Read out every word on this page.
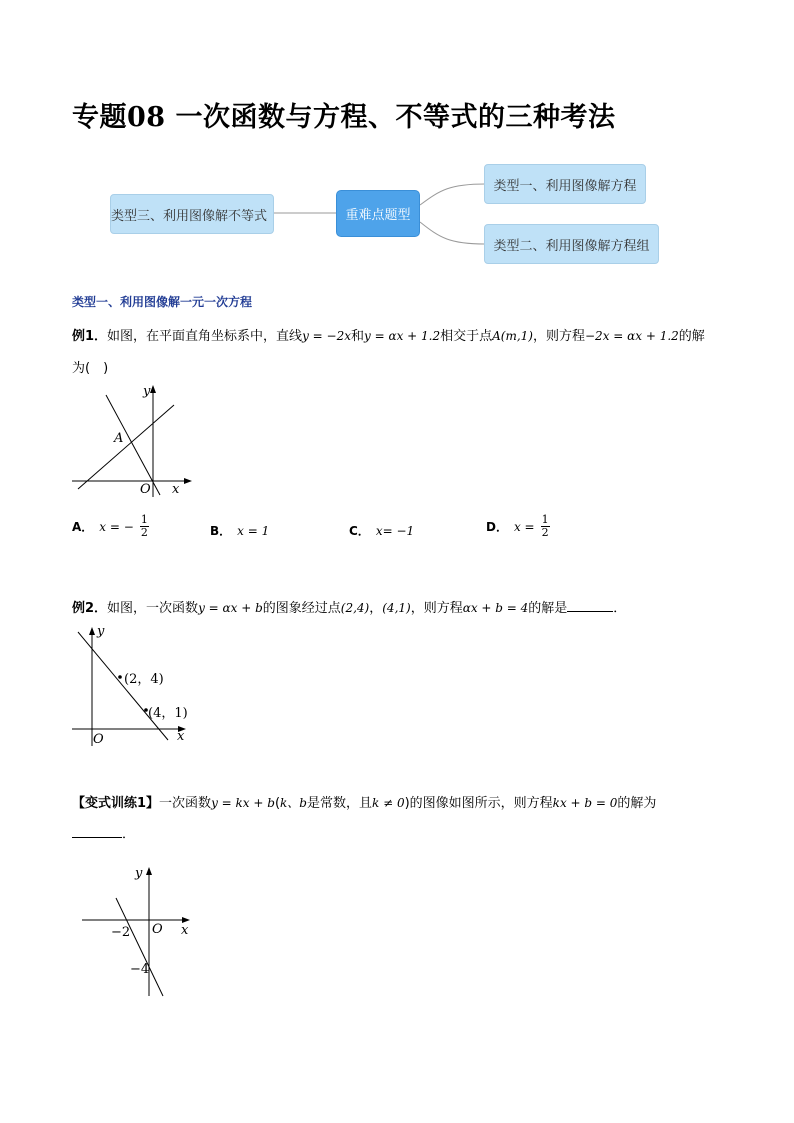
专题08 一次函数与方程、不等式的三种考法
类型三、利用图像解不等式	重难点题型
类型一、利用图像解方程
类型二、利用图像解方程组
类型一、利用图像解一元一次方程
例1．如图，在平面直角坐标系中，直线y = −2x和y = αx + 1.2相交于点A(m,1)，则方程−2x = αx + 1.2的解
为(　)
y
x
O
A
A． x = − $\frac{1}{2}$	B． x = 1	C． x= −1	D． $x = \frac{1}{2}$
例2．如图，一次函数y = αx + b的图象经过点(2,4)，(4,1)，则方程αx + b = 4的解是	．
y
x
O
(2，4)
(4，1)
【变式训练1】一次函数y = kx + b(k、b是常数，且k ≠ 0)的图像如图所示，则方程kx + b = 0的解为
．
y
x
O
−2
−4
